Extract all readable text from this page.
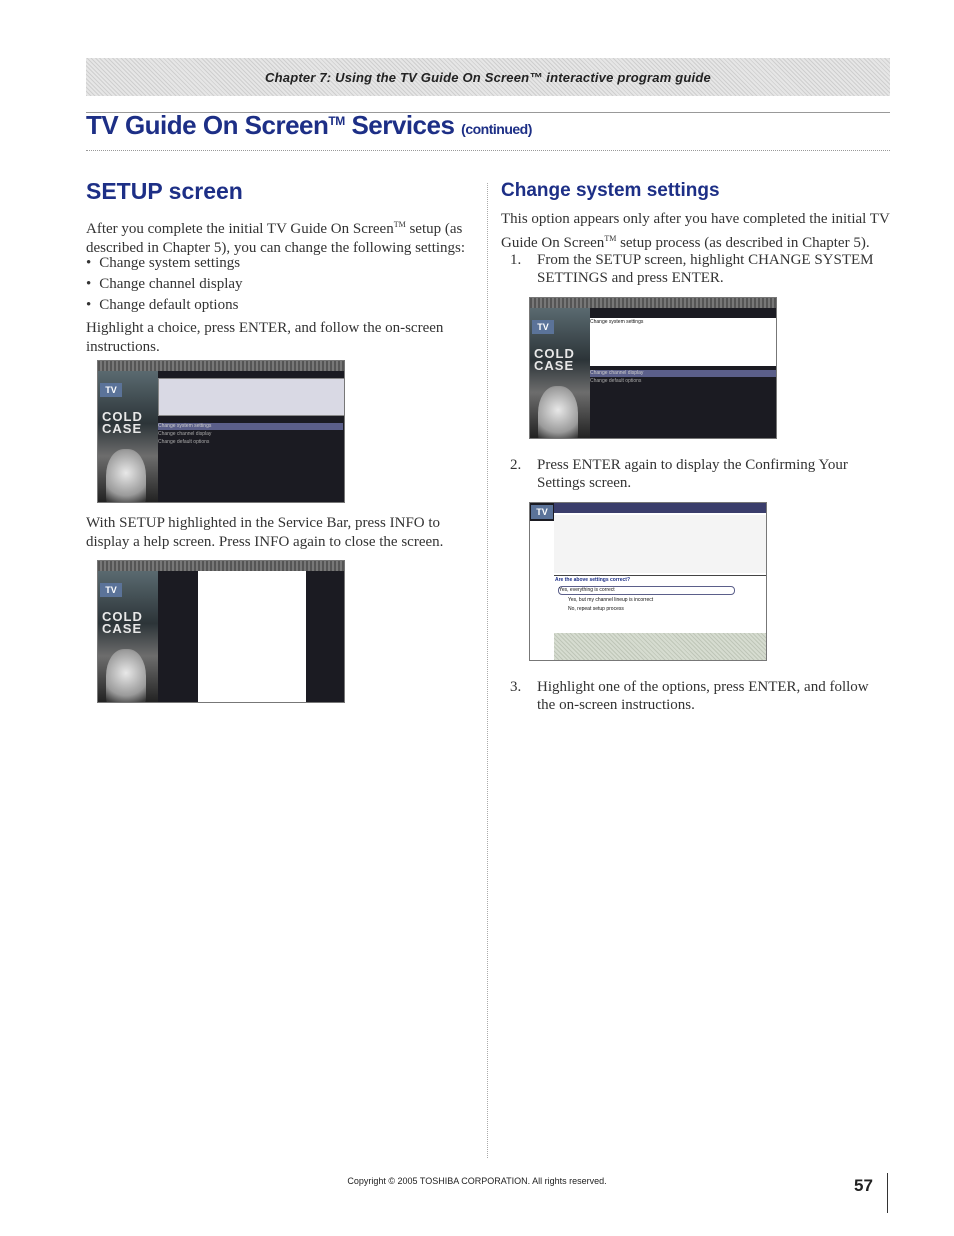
Chapter 7: Using the TV Guide On Screen™ interactive program guide
TV Guide On Screen™ Services (continued)
SETUP screen
After you complete the initial TV Guide On Screen™ setup (as described in Chapter 5), you can change the following settings:
• Change system settings
• Change channel display
• Change default options
Highlight a choice, press ENTER, and follow the on-screen instructions.
TV
COLD
CASE	Change system settings
Change channel display
Change default options
With SETUP highlighted in the Service Bar, press INFO to display a help screen. Press INFO again to close the screen.
TV
COLD
CASE
Change system settings
This option appears only after you have completed the initial TV Guide On Screen™ setup process (as described in Chapter 5).
1.	From the SETUP screen, highlight CHANGE SYSTEM SETTINGS and press ENTER.
TV
COLD
CASE
Change system settings
Change channel display
Change default options
2.	Press ENTER again to display the Confirming Your Settings screen.
TV
Are the above settings correct?
Yes, everything is correct
Yes, but my channel lineup is incorrect
No, repeat setup process
3.	Highlight one of the options, press ENTER, and follow the on-screen instructions.
Copyright © 2005 TOSHIBA CORPORATION. All rights reserved.	57
